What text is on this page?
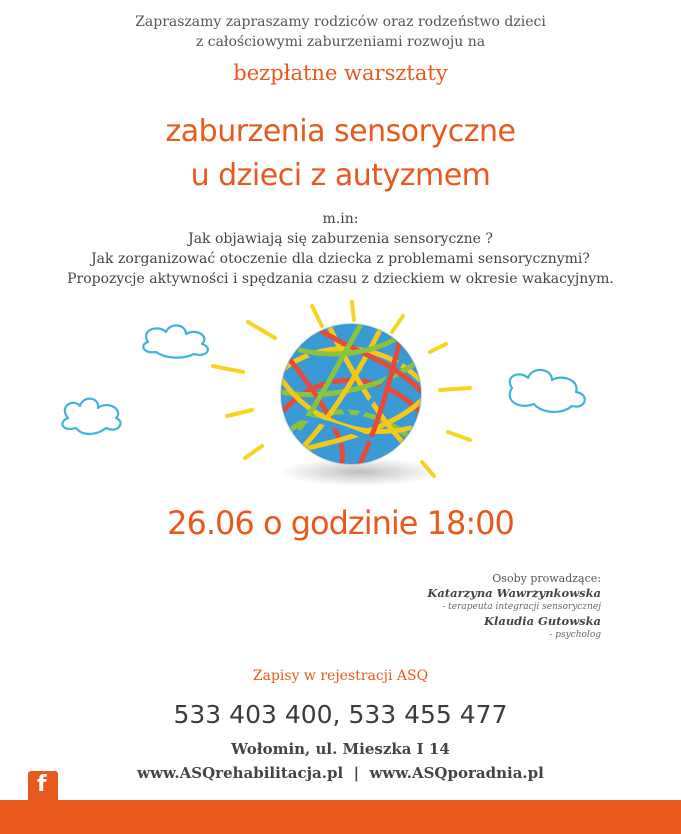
Zapraszamy zapraszamy rodziców oraz rodzeństwo dzieci
z całościowymi zaburzeniami rozwoju na
bezpłatne warsztaty
zaburzenia sensoryczne
u dzieci z autyzmem
m.in:
Jak objawiają się zaburzenia sensoryczne ?
Jak zorganizować otoczenie dla dziecka z problemami sensorycznymi?
Propozycje aktywności i spędzania czasu z dzieckiem w okresie wakacyjnym.
26.06 o godzinie 18:00
Osoby prowadzące:
Katarzyna Wawrzynkowska
- terapeuta integracji sensorycznej
Klaudia Gutowska
- psycholog
Zapisy w rejestracji ASQ
533 403 400, 533 455 477
Wołomin, ul. Mieszka I 14
www.ASQrehabilitacja.pl  |  www.ASQporadnia.pl
f
